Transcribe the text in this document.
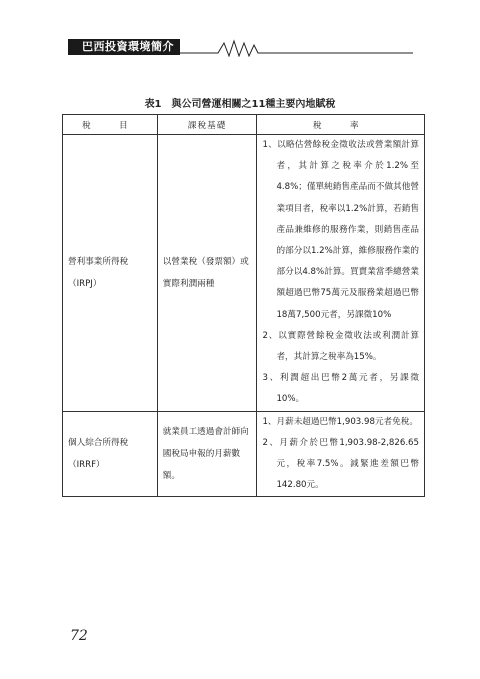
巴西投資環境簡介
表1　與公司營運相關之11種主要內地賦稅
稅　目	課稅基礎	稅　率
營利事業所得稅
（IRPJ）	以營業稅（發票額）或實際利潤兩種	1、以略估營餘稅金徵收法或營業額計算者，其計算之稅率介於1.2%至4.8%；僅單純銷售產品而不做其他營業項目者，稅率以1.2%計算，若銷售產品兼維修的服務作業，則銷售產品的部分以1.2%計算，維修服務作業的部分以4.8%計算。買賣業當季總營業額超過巴幣75萬元及服務業超過巴幣18萬7,500元者，另課徵10%
2、以實際營餘稅金徵收法或利潤計算者，其計算之稅率為15%。
3、利潤超出巴幣2萬元者，另課徵10%。

個人綜合所得稅
（IRRF）	就業員工透過會計師向國稅局申報的月薪數額。	1、月薪未超過巴幣1,903.98元者免稅。
2、月薪介於巴幣1,903.98-2,826.65元，稅率7.5%。減緊進差額巴幣142.80元。
72
